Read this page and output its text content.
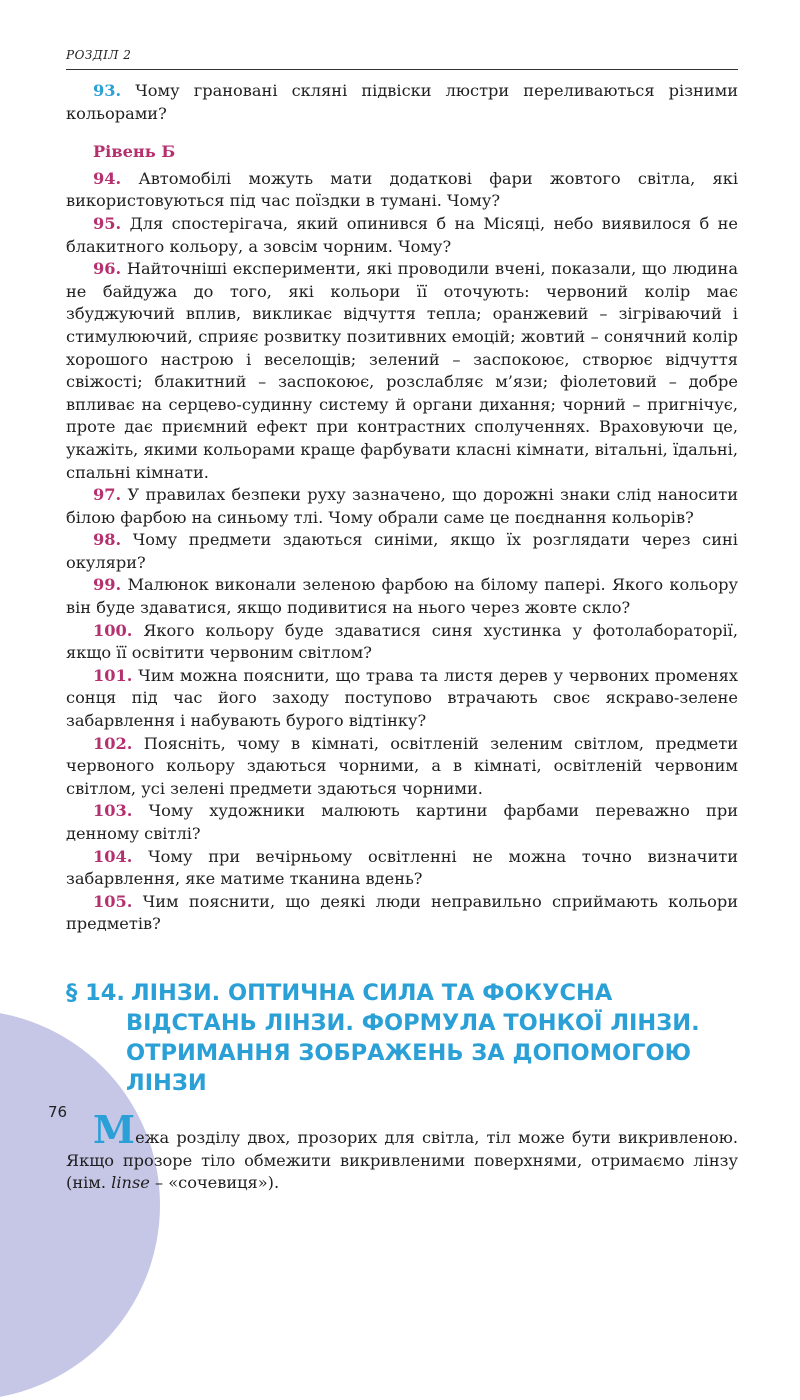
РОЗДІЛ 2

93. Чому грановані скляні підвіски люстри переливаються різними кольорами?

Рівень Б

94. Автомобілі можуть мати додаткові фари жовтого світла, які використовуються під час поїздки в тумані. Чому?

95. Для спостерігача, який опинився б на Місяці, небо виявилося б не блакитного кольору, а зовсім чорним. Чому?

96. Найточніші експерименти, які проводили вчені, показали, що людина не байдужа до того, які кольори її оточують: червоний колір має збуджуючий вплив, викликає відчуття тепла; оранжевий – зігріваючий і стимулюючий, сприяє розвитку позитивних емоцій; жовтий – сонячний колір хорошого настрою і веселощів; зелений – заспокоює, створює відчуття свіжості; блакитний – заспокоює, розслабляє м’язи; фіолетовий – добре впливає на серцево-судинну систему й органи дихання; чорний – пригнічує, проте дає приємний ефект при контрастних сполученнях. Враховуючи це, укажіть, якими кольорами краще фарбувати класні кімнати, вітальні, їдальні, спальні кімнати.

97. У правилах безпеки руху зазначено, що дорожні знаки слід наносити білою фарбою на синьому тлі. Чому обрали саме це поєднання кольорів?

98. Чому предмети здаються синіми, якщо їх розглядати через сині окуляри?

99. Малюнок виконали зеленою фарбою на білому папері. Якого кольору він буде здаватися, якщо подивитися на нього через жовте скло?

100. Якого кольору буде здаватися синя хустинка у фотолабораторії, якщо її освітити червоним світлом?

101. Чим можна пояснити, що трава та листя дерев у червоних променях сонця під час його заходу поступово втрачають своє яскраво-зелене забарвлення і набувають бурого відтінку?

102. Поясніть, чому в кімнаті, освітленій зеленим світлом, предмети червоного кольору здаються чорними, а в кімнаті, освітленій червоним світлом, усі зелені предмети здаються чорними.

103. Чому художники малюють картини фарбами переважно при денному світлі?

104. Чому при вечірньому освітленні не можна точно визначити забарвлення, яке матиме тканина вдень?

105. Чим пояснити, що деякі люди неправильно сприймають кольори предметів?

§ 14. ЛІНЗИ. ОПТИЧНА СИЛА ТА ФОКУСНА ВІДСТАНЬ ЛІНЗИ. ФОРМУЛА ТОНКОЇ ЛІНЗИ. ОТРИМАННЯ ЗОБРАЖЕНЬ ЗА ДОПОМОГОЮ ЛІНЗИ

Межа розділу двох, прозорих для світла, тіл може бути викривленою. Якщо прозоре тіло обмежити викривленими поверхнями, отримаємо лінзу (нім. linse – «сочевиця»).

76
